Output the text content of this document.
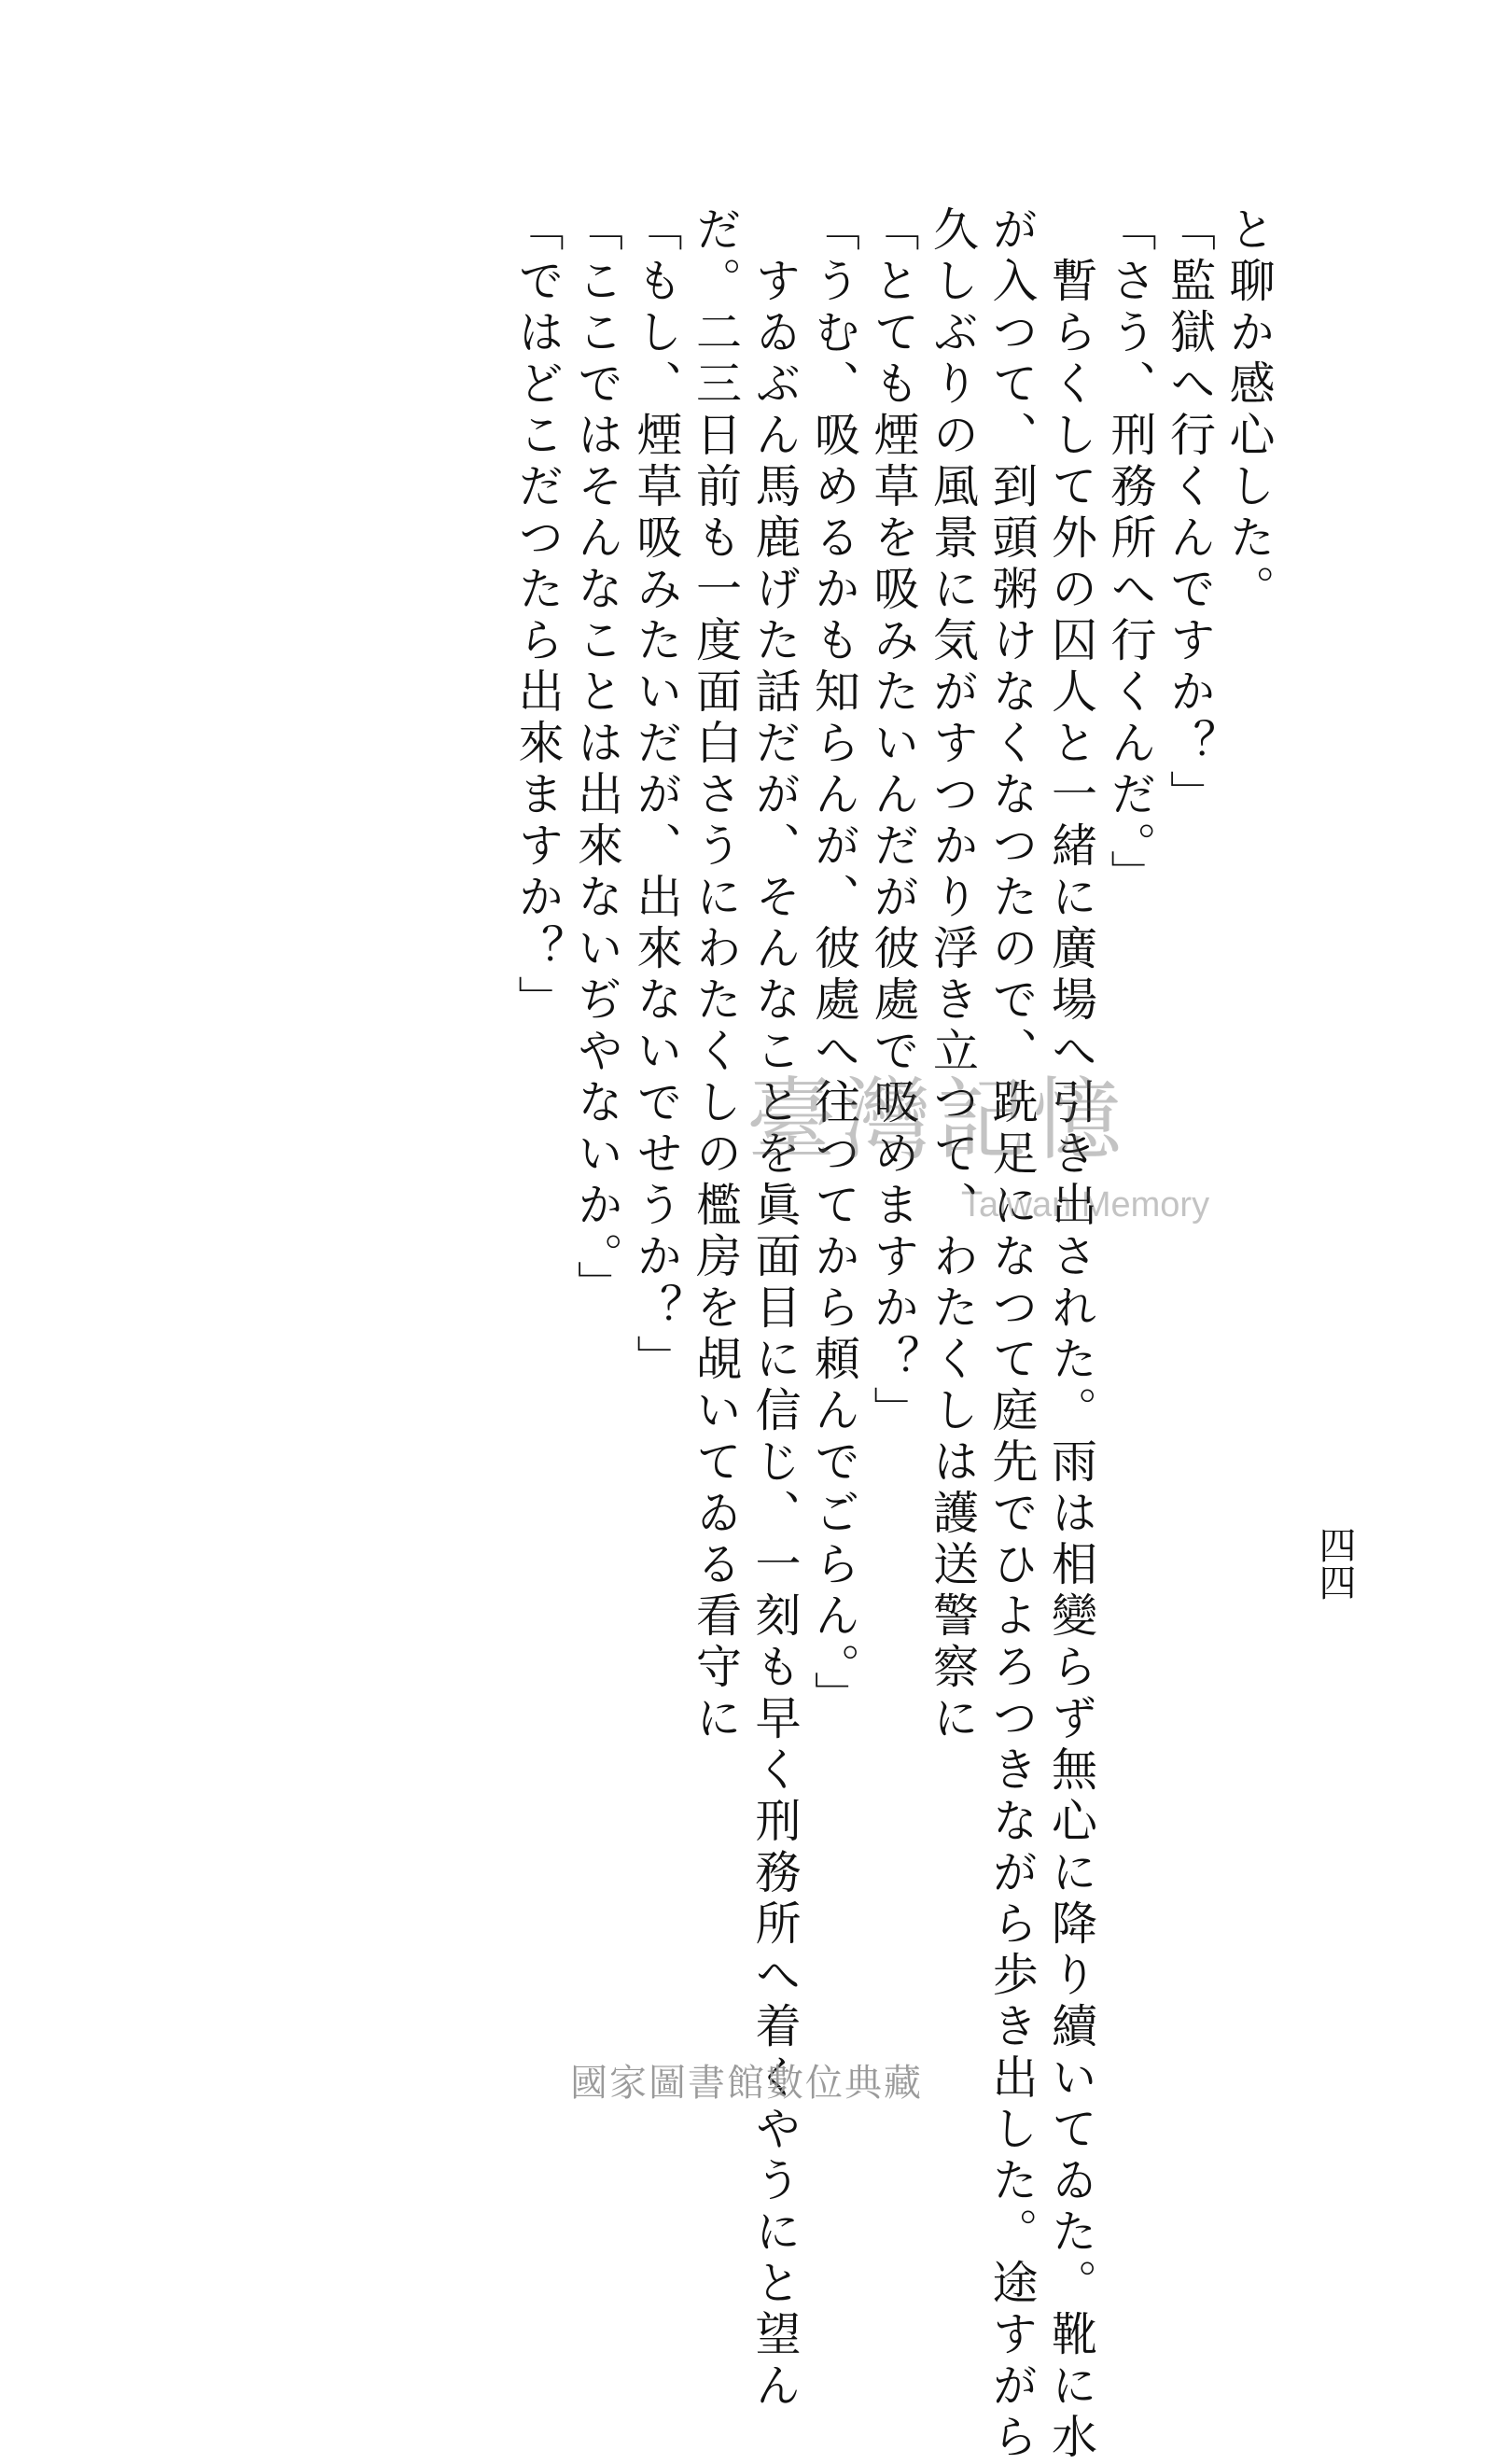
四四
と聊か感心した。
「監獄へ行くんですか？」
「さう、刑務所へ行くんだ。」
　暫らくして外の囚人と一緒に廣場へ引き出された。雨は相變らず無心に降り續いてゐた。靴に水
が入つて、到頭粥けなくなつたので、跣足になつて庭先でひよろつきながら歩き出した。途すがら
久しぶりの風景に気がすつかり浮き立つて、わたくしは護送警察に
「とても煙草を吸みたいんだが彼處で吸めますか？」
「うむ、吸めるかも知らんが、彼處へ往つてから頼んでごらん。」
　すゐぶん馬鹿げた話だが、そんなことを眞面目に信じ、一刻も早く刑務所へ着くやうにと望ん
だ。二三日前も一度面白さうにわたくしの檻房を覘いてゐる看守に
「もし、煙草吸みたいだが、出來ないでせうか？」
「ここではそんなことは出來ないぢやないか。」
「ではどこだつたら出來ますか？」
臺灣記憶
Taiwan Memory
國家圖書館數位典藏
